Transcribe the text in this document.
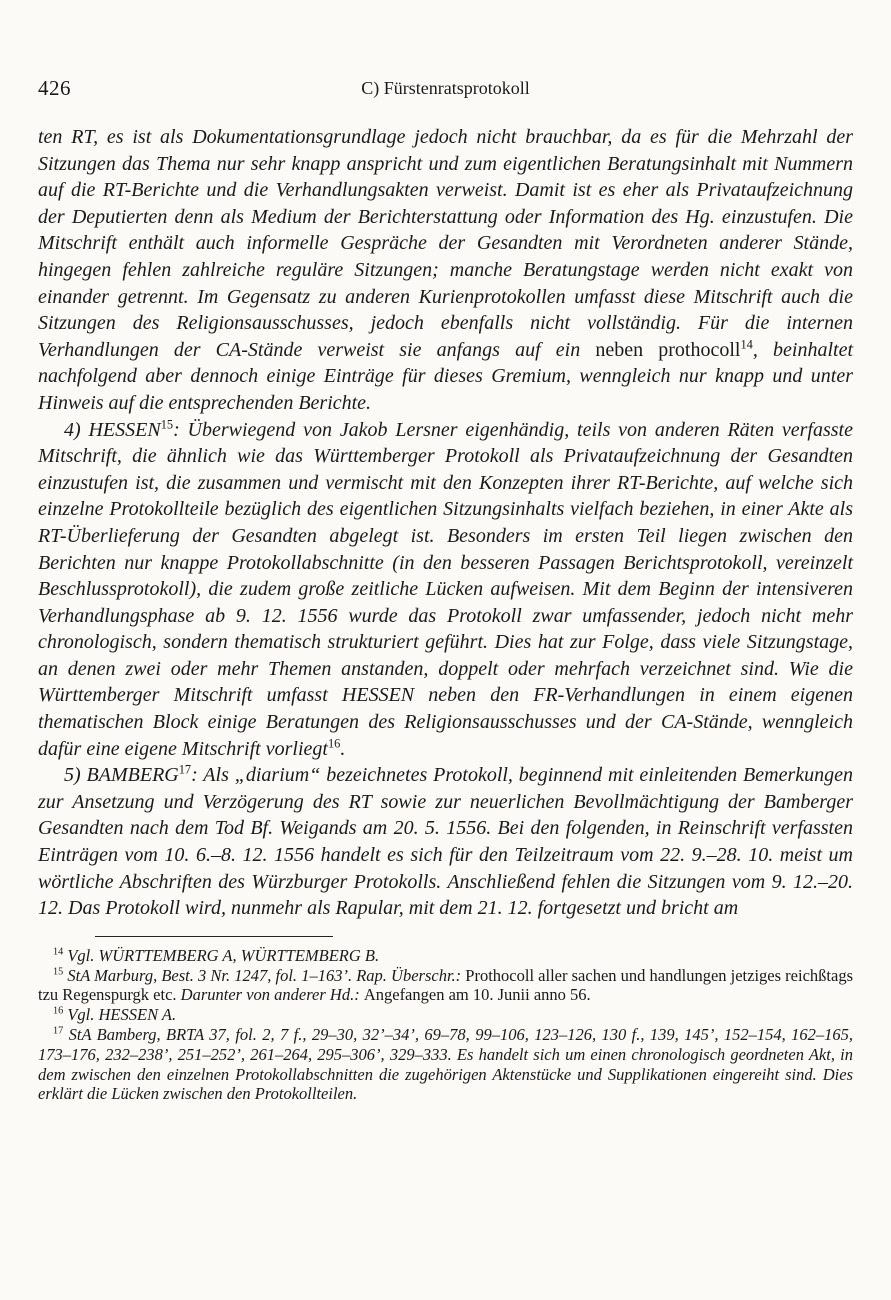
426	C) Fürstenratsprotokoll

ten RT, es ist als Dokumentationsgrundlage jedoch nicht brauchbar, da es für die Mehrzahl der Sitzungen das Thema nur sehr knapp anspricht und zum eigentlichen Beratungsinhalt mit Nummern auf die RT-Berichte und die Verhandlungsakten verweist. Damit ist es eher als Privataufzeichnung der Deputierten denn als Medium der Berichterstattung oder Information des Hg. einzustufen. Die Mitschrift enthält auch informelle Gespräche der Gesandten mit Verordneten anderer Stände, hingegen fehlen zahlreiche reguläre Sitzungen; manche Beratungstage werden nicht exakt von einander getrennt. Im Gegensatz zu anderen Kurienprotokollen umfasst diese Mitschrift auch die Sitzungen des Religionsausschusses, jedoch ebenfalls nicht vollständig. Für die internen Verhandlungen der CA-Stände verweist sie anfangs auf ein neben prothocoll$^{14}$, beinhaltet nachfolgend aber dennoch einige Einträge für dieses Gremium, wenngleich nur knapp und unter Hinweis auf die entsprechenden Berichte.

4) HESSEN$^{15}$: Überwiegend von Jakob Lersner eigenhändig, teils von anderen Räten verfasste Mitschrift, die ähnlich wie das Württemberger Protokoll als Privataufzeichnung der Gesandten einzustufen ist, die zusammen und vermischt mit den Konzepten ihrer RT-Berichte, auf welche sich einzelne Protokollteile bezüglich des eigentlichen Sitzungsinhalts vielfach beziehen, in einer Akte als RT-Überlieferung der Gesandten abgelegt ist. Besonders im ersten Teil liegen zwischen den Berichten nur knappe Protokollabschnitte (in den besseren Passagen Berichtsprotokoll, vereinzelt Beschlussprotokoll), die zudem große zeitliche Lücken aufweisen. Mit dem Beginn der intensiveren Verhandlungsphase ab 9. 12. 1556 wurde das Protokoll zwar umfassender, jedoch nicht mehr chronologisch, sondern thematisch strukturiert geführt. Dies hat zur Folge, dass viele Sitzungstage, an denen zwei oder mehr Themen anstanden, doppelt oder mehrfach verzeichnet sind. Wie die Württemberger Mitschrift umfasst HESSEN neben den FR-Verhandlungen in einem eigenen thematischen Block einige Beratungen des Religionsausschusses und der CA-Stände, wenngleich dafür eine eigene Mitschrift vorliegt$^{16}$.

5) BAMBERG$^{17}$: Als „diarium“ bezeichnetes Protokoll, beginnend mit einleitenden Bemerkungen zur Ansetzung und Verzögerung des RT sowie zur neuerlichen Bevollmächtigung der Bamberger Gesandten nach dem Tod Bf. Weigands am 20. 5. 1556. Bei den folgenden, in Reinschrift verfassten Einträgen vom 10. 6.–8. 12. 1556 handelt es sich für den Teilzeitraum vom 22. 9.–28. 10. meist um wörtliche Abschriften des Würzburger Protokolls. Anschließend fehlen die Sitzungen vom 9. 12.–20. 12. Das Protokoll wird, nunmehr als Rapular, mit dem 21. 12. fortgesetzt und bricht am

$^{14}$ Vgl. WÜRTTEMBERG A, WÜRTTEMBERG B.

$^{15}$ StA Marburg, Best. 3 Nr. 1247, fol. 1–163’. Rap. Überschr.: Prothocoll aller sachen und handlungen jetziges reichßtags tzu Regenspurgk etc. Darunter von anderer Hd.: Angefangen am 10. Junii anno 56.

$^{16}$ Vgl. HESSEN A.

$^{17}$ StA Bamberg, BRTA 37, fol. 2, 7 f., 29–30, 32’–34’, 69–78, 99–106, 123–126, 130 f., 139, 145’, 152–154, 162–165, 173–176, 232–238’, 251–252’, 261–264, 295–306’, 329–333. Es handelt sich um einen chronologisch geordneten Akt, in dem zwischen den einzelnen Protokollabschnitten die zugehörigen Aktenstücke und Supplikationen eingereiht sind. Dies erklärt die Lücken zwischen den Protokollteilen.
